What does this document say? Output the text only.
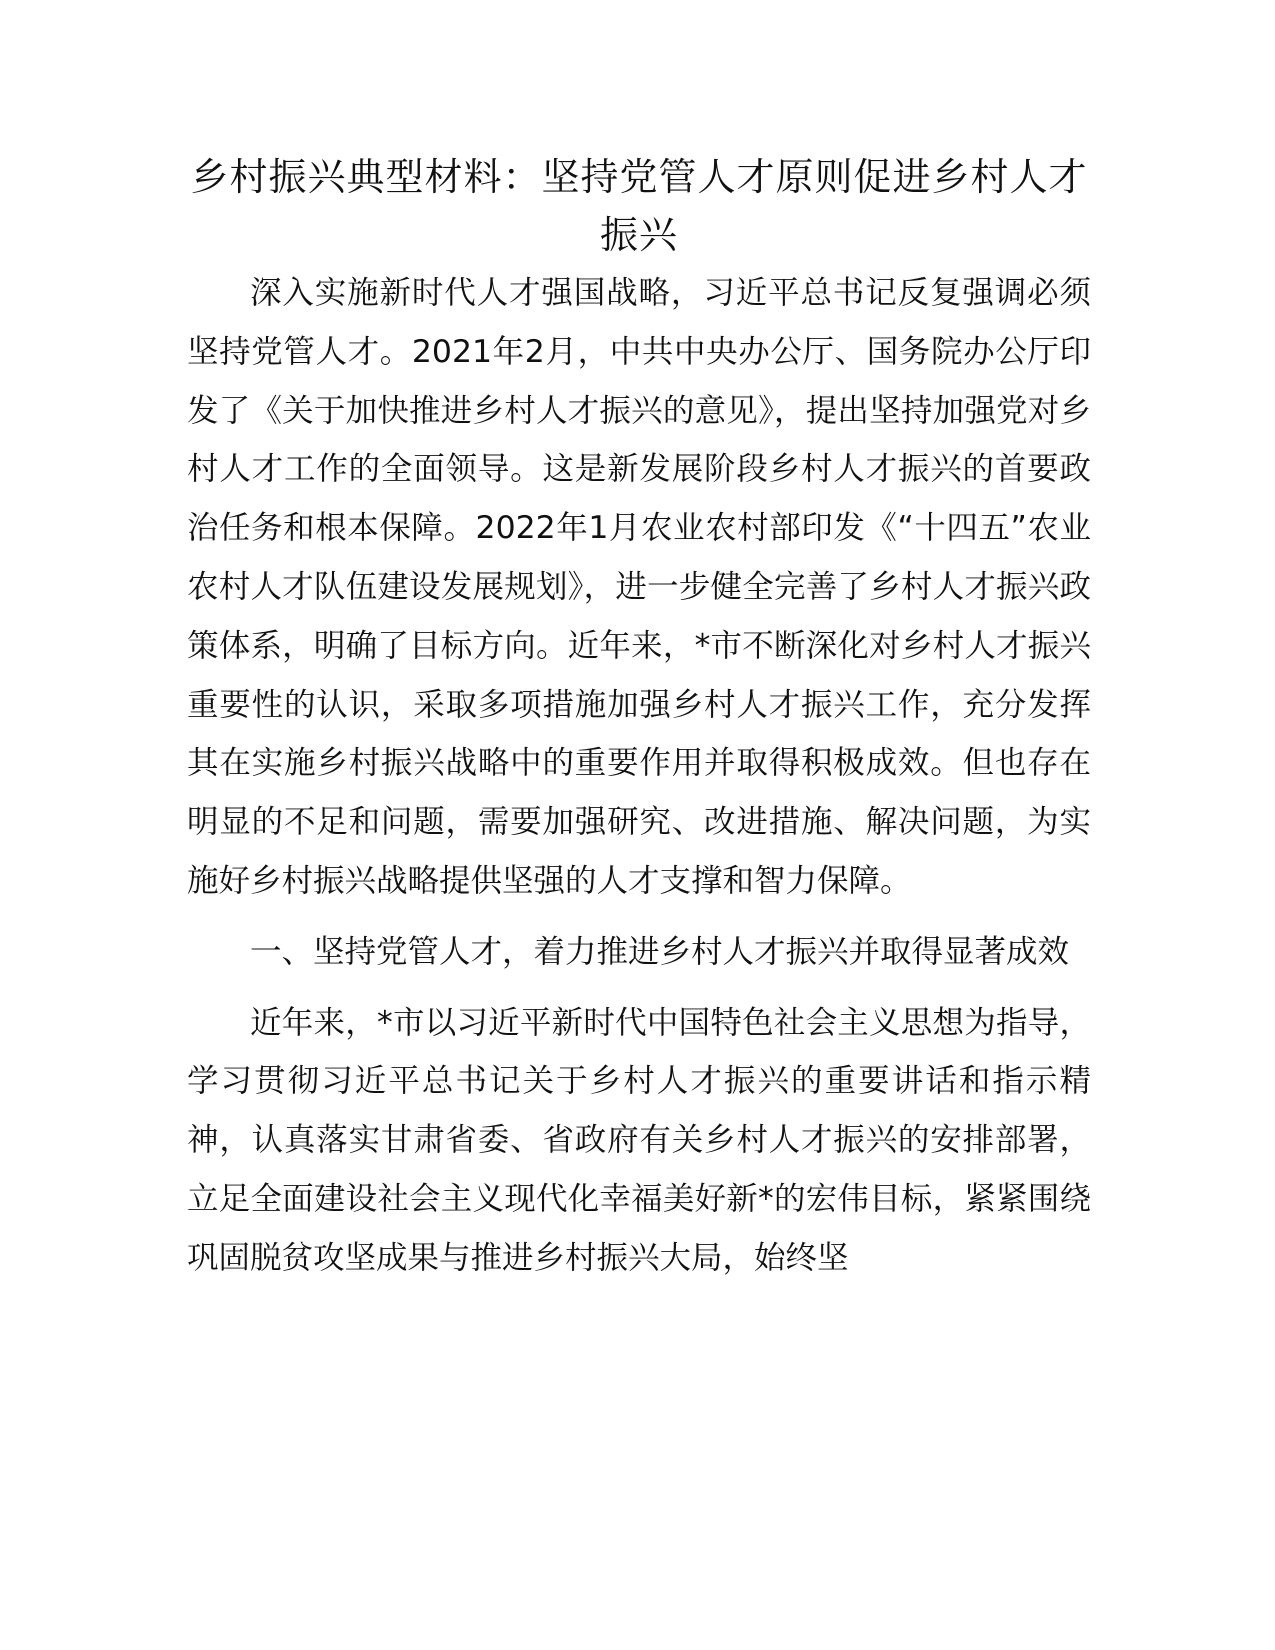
乡村振兴典型材料：坚持党管人才原则促进乡村人才振兴

深入实施新时代人才强国战略，习近平总书记反复强调必须坚持党管人才。2021年2月，中共中央办公厅、国务院办公厅印发了《关于加快推进乡村人才振兴的意见》，提出坚持加强党对乡村人才工作的全面领导。这是新发展阶段乡村人才振兴的首要政治任务和根本保障。2022年1月农业农村部印发《“十四五”农业农村人才队伍建设发展规划》，进一步健全完善了乡村人才振兴政策体系，明确了目标方向。近年来，*市不断深化对乡村人才振兴重要性的认识，采取多项措施加强乡村人才振兴工作，充分发挥其在实施乡村振兴战略中的重要作用并取得积极成效。但也存在明显的不足和问题，需要加强研究、改进措施、解决问题，为实施好乡村振兴战略提供坚强的人才支撑和智力保障。

一、坚持党管人才，着力推进乡村人才振兴并取得显著成效

近年来，*市以习近平新时代中国特色社会主义思想为指导，学习贯彻习近平总书记关于乡村人才振兴的重要讲话和指示精神，认真落实甘肃省委、省政府有关乡村人才振兴的安排部署，立足全面建设社会主义现代化幸福美好新*的宏伟目标，紧紧围绕巩固脱贫攻坚成果与推进乡村振兴大局，始终坚
